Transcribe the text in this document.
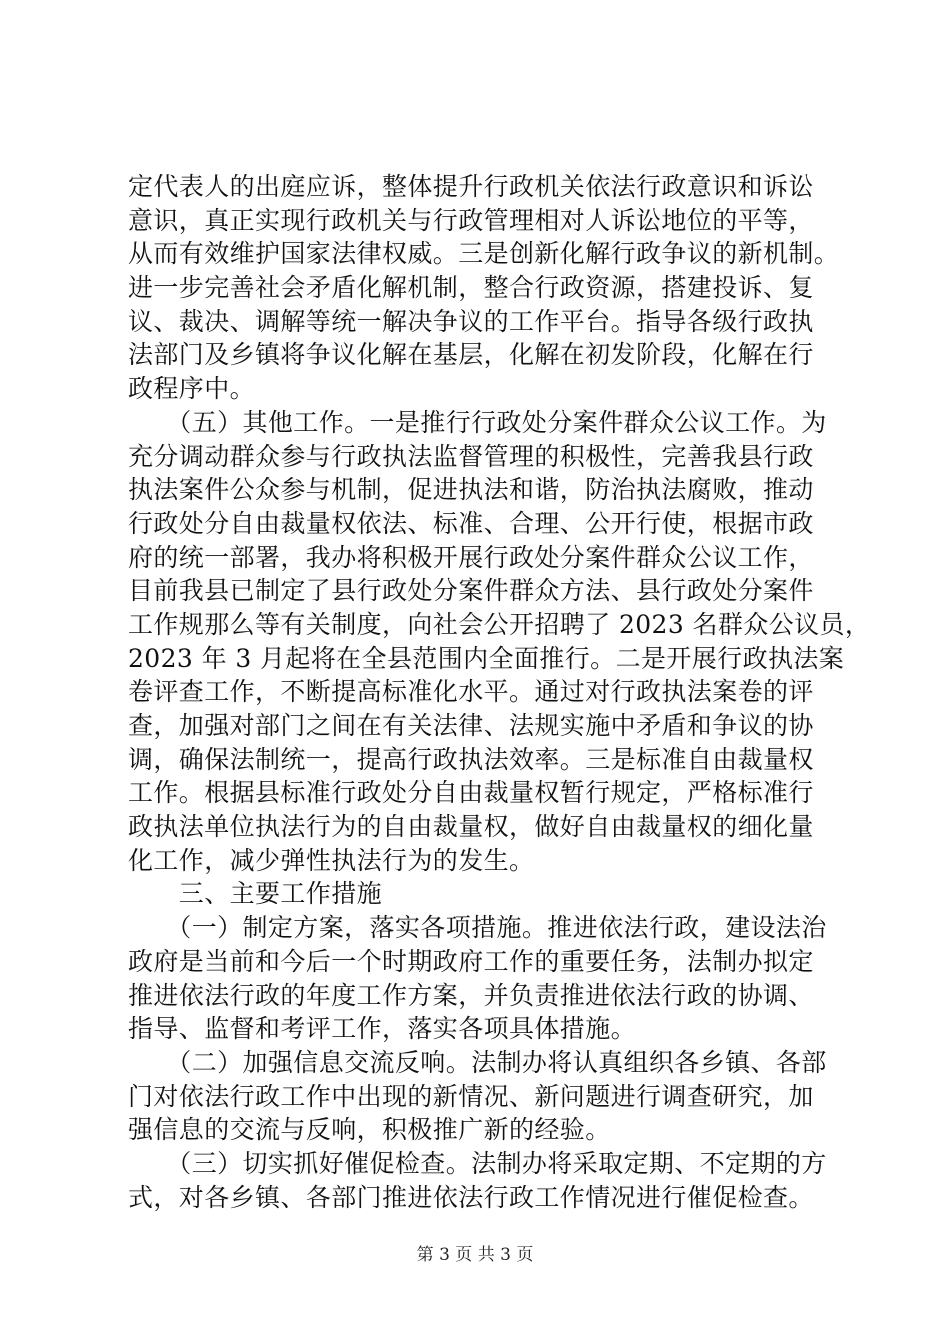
定代表人的出庭应诉，整体提升行政机关依法行政意识和诉讼
意识，真正实现行政机关与行政管理相对人诉讼地位的平等，
从而有效维护国家法律权威。三是创新化解行政争议的新机制。
进一步完善社会矛盾化解机制，整合行政资源，搭建投诉、复
议、裁决、调解等统一解决争议的工作平台。指导各级行政执
法部门及乡镇将争议化解在基层，化解在初发阶段，化解在行
政程序中。
　　（五）其他工作。一是推行行政处分案件群众公议工作。为
充分调动群众参与行政执法监督管理的积极性，完善我县行政
执法案件公众参与机制，促进执法和谐，防治执法腐败，推动
行政处分自由裁量权依法、标准、合理、公开行使，根据市政
府的统一部署，我办将积极开展行政处分案件群众公议工作，
目前我县已制定了县行政处分案件群众方法、县行政处分案件
工作规那么等有关制度，向社会公开招聘了 2023 名群众公议员，
2023 年 3 月起将在全县范围内全面推行。二是开展行政执法案
卷评查工作，不断提高标准化水平。通过对行政执法案卷的评
查，加强对部门之间在有关法律、法规实施中矛盾和争议的协
调，确保法制统一，提高行政执法效率。三是标准自由裁量权
工作。根据县标准行政处分自由裁量权暂行规定，严格标准行
政执法单位执法行为的自由裁量权，做好自由裁量权的细化量
化工作，减少弹性执法行为的发生。
　　三、主要工作措施
　　（一）制定方案，落实各项措施。推进依法行政，建设法治
政府是当前和今后一个时期政府工作的重要任务，法制办拟定
推进依法行政的年度工作方案，并负责推进依法行政的协调、
指导、监督和考评工作，落实各项具体措施。
　　（二）加强信息交流反响。法制办将认真组织各乡镇、各部
门对依法行政工作中出现的新情况、新问题进行调查研究，加
强信息的交流与反响，积极推广新的经验。
　　（三）切实抓好催促检查。法制办将采取定期、不定期的方
式，对各乡镇、各部门推进依法行政工作情况进行催促检查。
第 3 页 共 3 页
